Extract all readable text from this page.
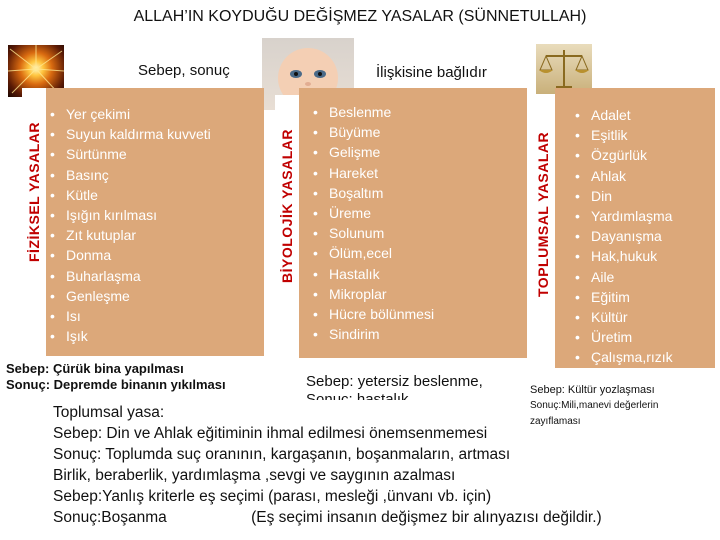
ALLAH’IN KOYDUĞU DEĞİŞMEZ YASALAR (SÜNNETULLAH)
Sebep, sonuç	İlişkisine bağlıdır
FİZİKSEL YASALAR
• Yer çekimi
• Suyun kaldırma kuvveti
• Sürtünme
• Basınç
• Kütle
• Işığın kırılması
• Zıt kutuplar
• Donma
• Buharlaşma
• Genleşme
• Isı
• Işık
BİYOLOJİK YASALAR
• Beslenme
• Büyüme
• Gelişme
• Hareket
• Boşaltım
• Üreme
• Solunum
• Ölüm,ecel
• Hastalık
• Mikroplar
• Hücre bölünmesi
• Sindirim
TOPLUMSAL YASALAR
• Adalet
• Eşitlik
• Özgürlük
• Ahlak
• Din
• Yardımlaşma
• Dayanışma
• Hak,hukuk
• Aile
• Eğitim
• Kültür
• Üretim
• Çalışma,rızık
Sebep: Çürük bina yapılması
Sonuç: Depremde binanın yıkılması	Sebep: yetersiz beslenme,

Toplumsal yasa:

Sebep: Din ve Ahlak eğitiminin ihmal edilmesi önemsenmemesi

Sonuç: Toplumda suç oranının, kargaşanın, boşanmaların, artması

Birlik, beraberlik, yardımlaşma ,sevgi ve saygının azalması

Sebep:Yanlış kriterle eş seçimi (parası, mesleği ,ünvanı vb. için)

Sonuç:Boşanma	(Eş seçimi insanın değişmez bir alınyazısı değildir.)

Sebep: Kültür yozlaşması
Sonuç:Mili,manevi değerlerin
zayıflaması
